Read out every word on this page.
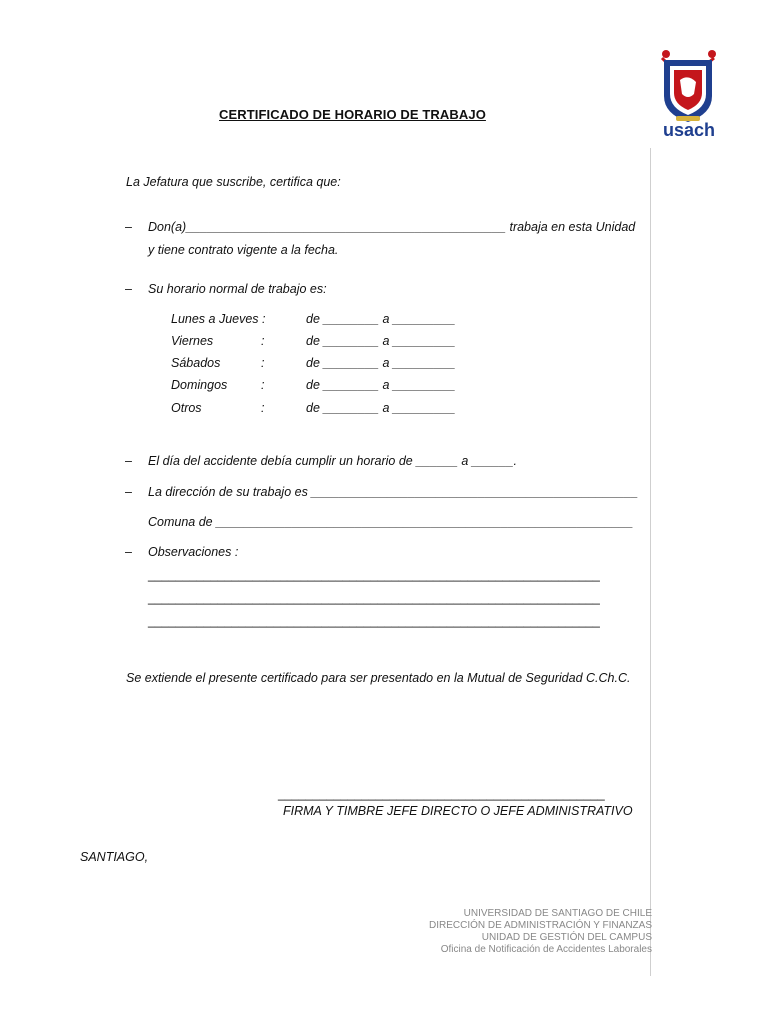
usach
CERTIFICADO DE HORARIO DE TRABAJO
La Jefatura que suscribe, certifica que:
– Don(a)______________________________________________ trabaja en esta Unidad
y tiene contrato vigente a la fecha.
– Su horario normal de trabajo es:
Lunes a Jueves :	de ________ a _________
Viernes	:	de ________ a _________
Sábados	:	de ________ a _________
Domingos	:	de ________ a _________
Otros	:	de ________ a _________
– El día del accidente debía cumplir un horario de ______ a ______.
– La dirección de su trabajo es _______________________________________________
Comuna de ____________________________________________________________
– Observaciones :
_________________________________________________________________
_________________________________________________________________
_________________________________________________________________
Se extiende el presente certificado para ser presentado en la Mutual de Seguridad C.Ch.C.
_______________________________________________
FIRMA Y TIMBRE JEFE DIRECTO O JEFE ADMINISTRATIVO
SANTIAGO,
UNIVERSIDAD DE SANTIAGO DE CHILE
DIRECCIÓN DE ADMINISTRACIÓN Y FINANZAS
UNIDAD DE GESTIÓN DEL CAMPUS
Oficina de Notificación de Accidentes Laborales
